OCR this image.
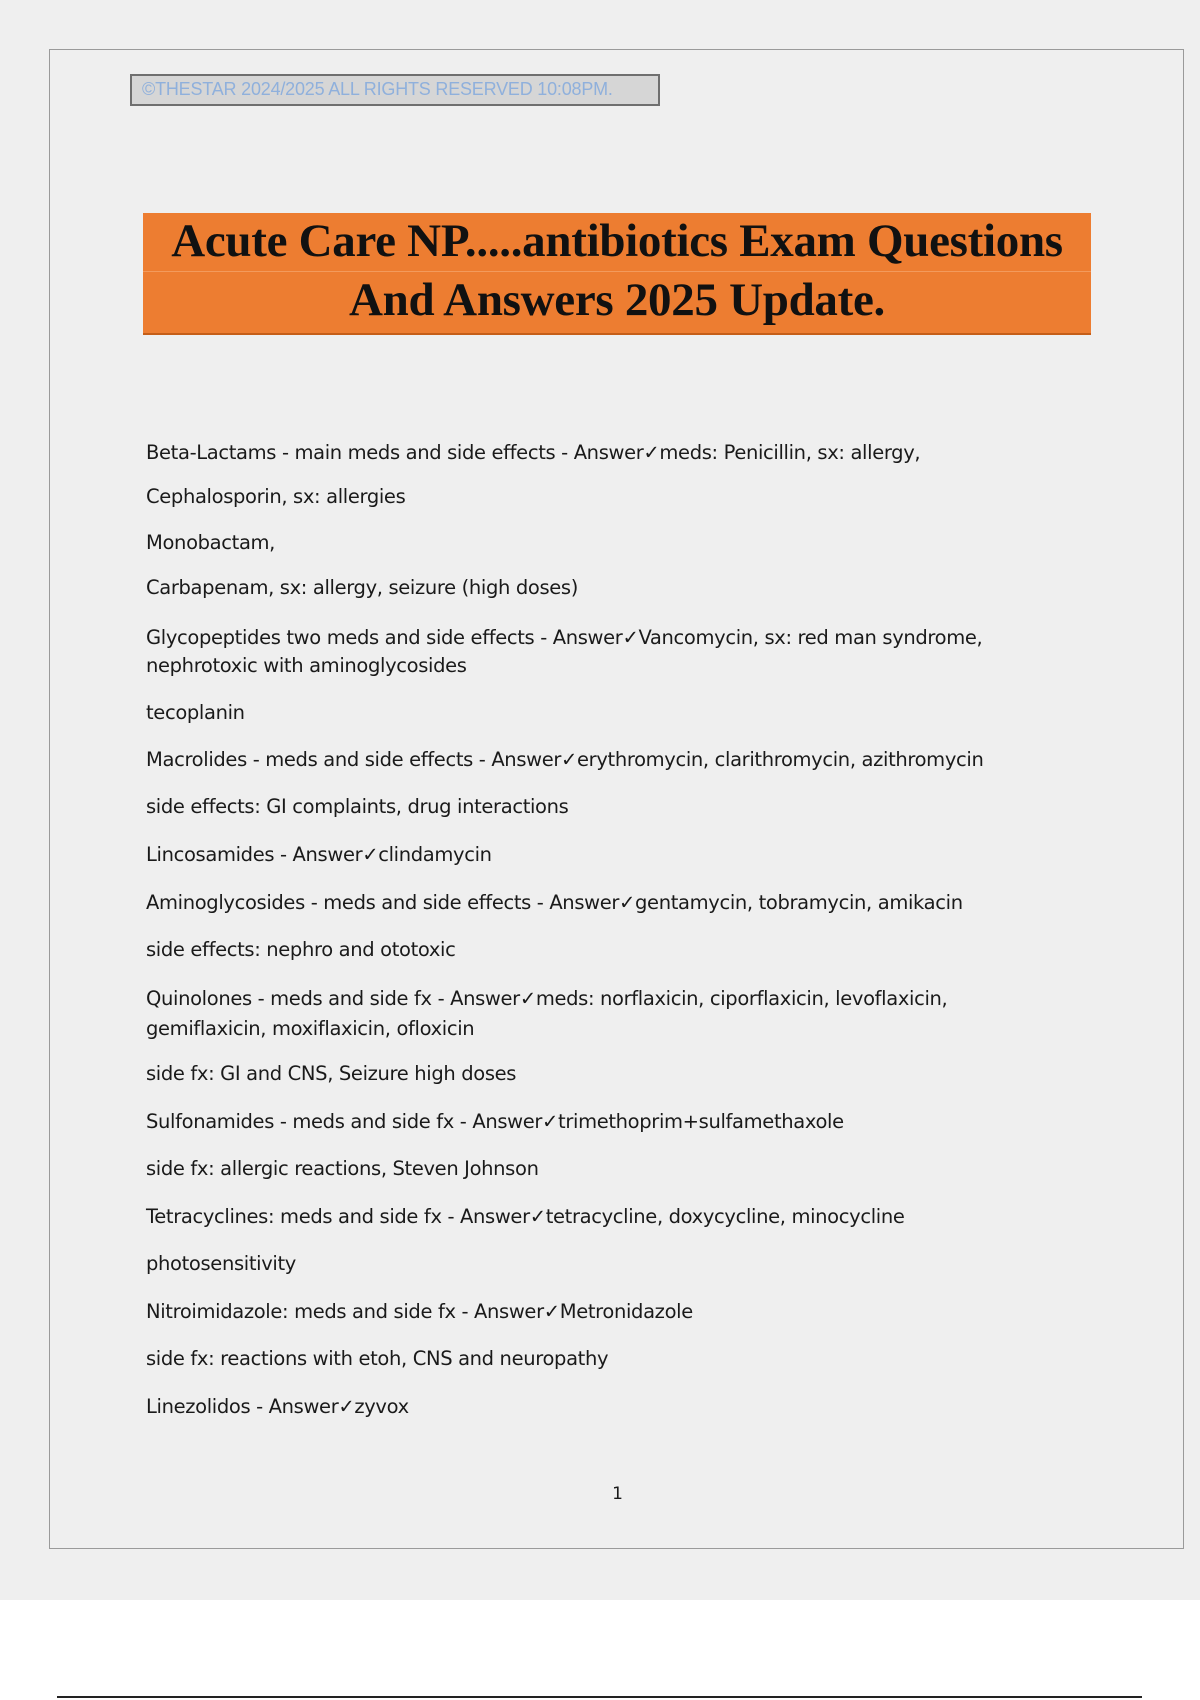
©THESTAR 2024/2025 ALL RIGHTS RESERVED 10:08PM.
Acute Care NP.....antibiotics Exam Questions
And Answers 2025 Update.
Beta-Lactams - main meds and side effects - Answer✓meds: Penicillin, sx: allergy,
Cephalosporin, sx: allergies
Monobactam,
Carbapenam, sx: allergy, seizure (high doses)
Glycopeptides two meds and side effects - Answer✓Vancomycin, sx: red man syndrome,
nephrotoxic with aminoglycosides
tecoplanin
Macrolides - meds and side effects - Answer✓erythromycin, clarithromycin, azithromycin
side effects: GI complaints, drug interactions
Lincosamides - Answer✓clindamycin
Aminoglycosides - meds and side effects - Answer✓gentamycin, tobramycin, amikacin
side effects: nephro and ototoxic
Quinolones - meds and side fx - Answer✓meds: norflaxicin, ciporflaxicin, levoflaxicin,
gemiflaxicin, moxiflaxicin, ofloxicin
side fx: GI and CNS, Seizure high doses
Sulfonamides - meds and side fx - Answer✓trimethoprim+sulfamethaxole
side fx: allergic reactions, Steven Johnson
Tetracyclines: meds and side fx - Answer✓tetracycline, doxycycline, minocycline
photosensitivity
Nitroimidazole: meds and side fx - Answer✓Metronidazole
side fx: reactions with etoh, CNS and neuropathy
Linezolidos - Answer✓zyvox
1
